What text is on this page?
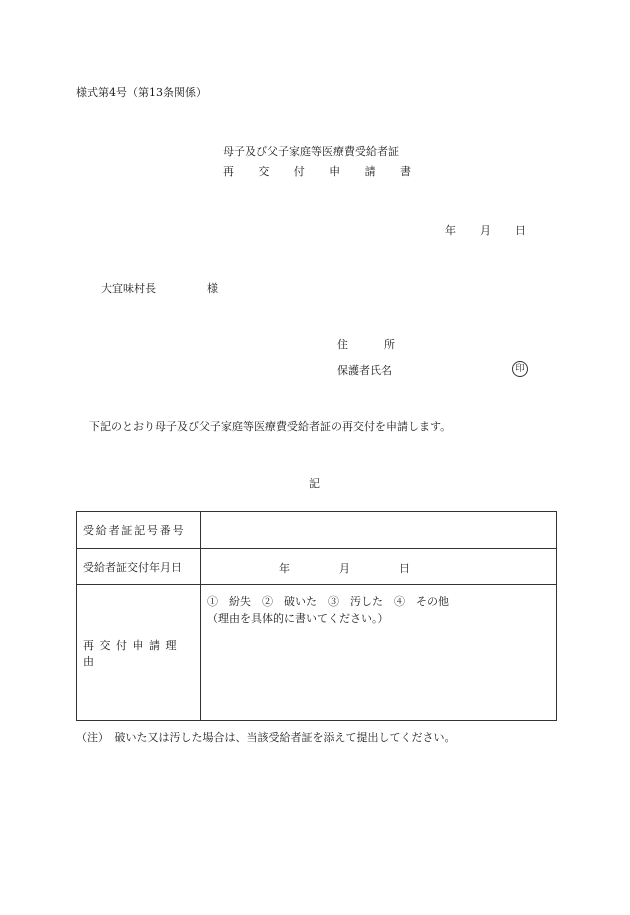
様式第4号（第13条関係）
母子及び父子家庭等医療費受給者証
再 交 付 申 請 書
年 月 日
大宜味村長	様
住	所
保護者氏名	印
下記のとおり母子及び父子家庭等医療費受給者証の再交付を申請します。
記
受給者証記号番号	

受給者証交付年月日	年 月 日

再交付申請理由	①　紛失　②　破いた　③　汚した　④　その他
（理由を具体的に書いてください。）
（注）　破いた又は汚した場合は、当該受給者証を添えて提出してください。
